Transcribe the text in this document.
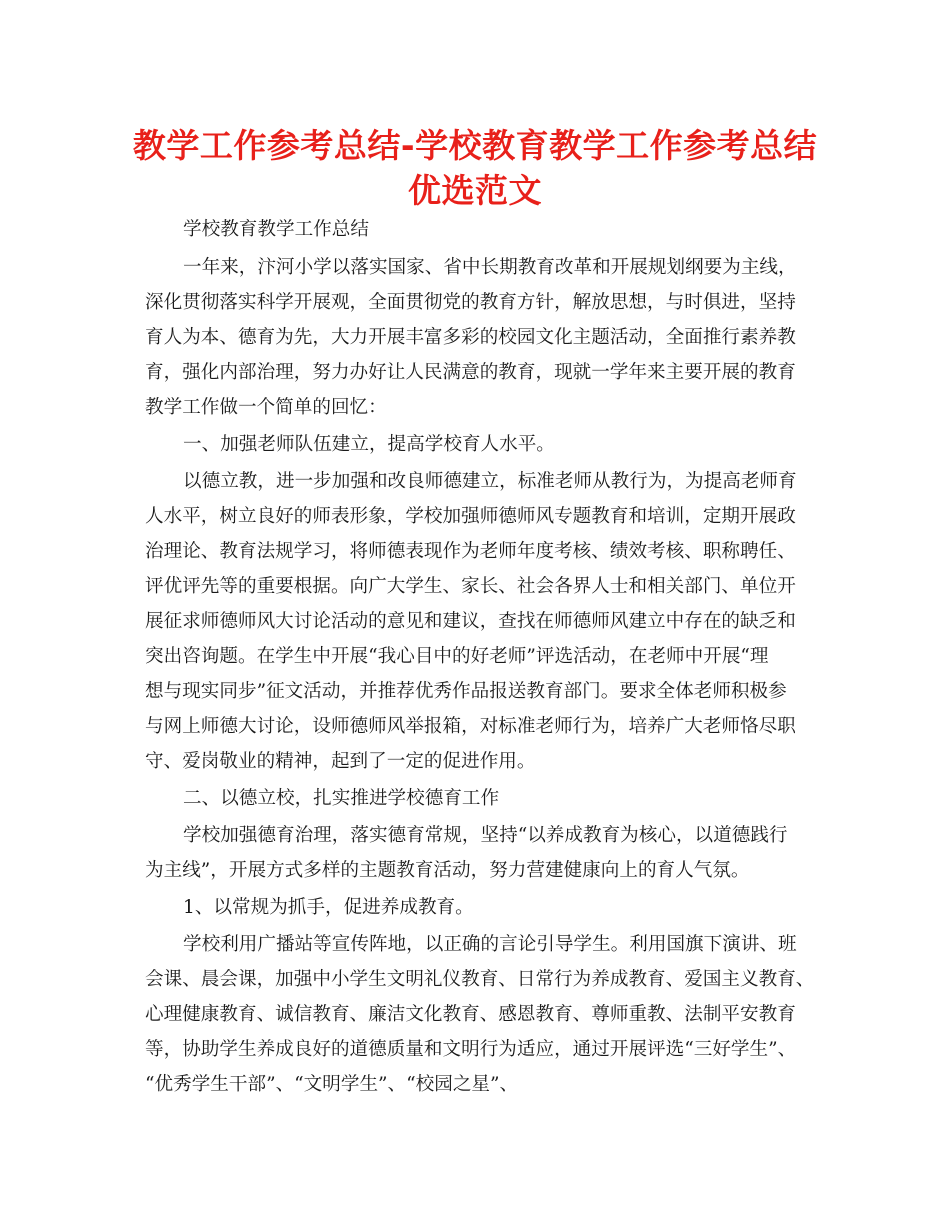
教学工作参考总结-学校教育教学工作参考总结
优选范文

学校教育教学工作总结

一年来，汴河小学以落实国家、省中长期教育改革和开展规划纲要为主线，

深化贯彻落实科学开展观，全面贯彻党的教育方针，解放思想，与时俱进，坚持

育人为本、德育为先，大力开展丰富多彩的校园文化主题活动，全面推行素养教

育，强化内部治理，努力办好让人民满意的教育，现就一学年来主要开展的教育

教学工作做一个简单的回忆：

一、加强老师队伍建立，提高学校育人水平。

以德立教，进一步加强和改良师德建立，标准老师从教行为，为提高老师育

人水平，树立良好的师表形象，学校加强师德师风专题教育和培训，定期开展政

治理论、教育法规学习，将师德表现作为老师年度考核、绩效考核、职称聘任、

评优评先等的重要根据。向广大学生、家长、社会各界人士和相关部门、单位开

展征求师德师风大讨论活动的意见和建议，查找在师德师风建立中存在的缺乏和

突出咨询题。在学生中开展“我心目中的好老师”评选活动，在老师中开展“理

想与现实同步”征文活动，并推荐优秀作品报送教育部门。要求全体老师积极参

与网上师德大讨论，设师德师风举报箱，对标准老师行为，培养广大老师恪尽职

守、爱岗敬业的精神，起到了一定的促进作用。

二、以德立校，扎实推进学校德育工作

学校加强德育治理，落实德育常规，坚持“以养成教育为核心，以道德践行

为主线”，开展方式多样的主题教育活动，努力营建健康向上的育人气氛。

1、以常规为抓手，促进养成教育。

学校利用广播站等宣传阵地，以正确的言论引导学生。利用国旗下演讲、班

会课、晨会课，加强中小学生文明礼仪教育、日常行为养成教育、爱国主义教育、

心理健康教育、诚信教育、廉洁文化教育、感恩教育、尊师重教、法制平安教育

等，协助学生养成良好的道德质量和文明行为适应，通过开展评选“三好学生”、

“优秀学生干部”、“文明学生”、“校园之星”、
